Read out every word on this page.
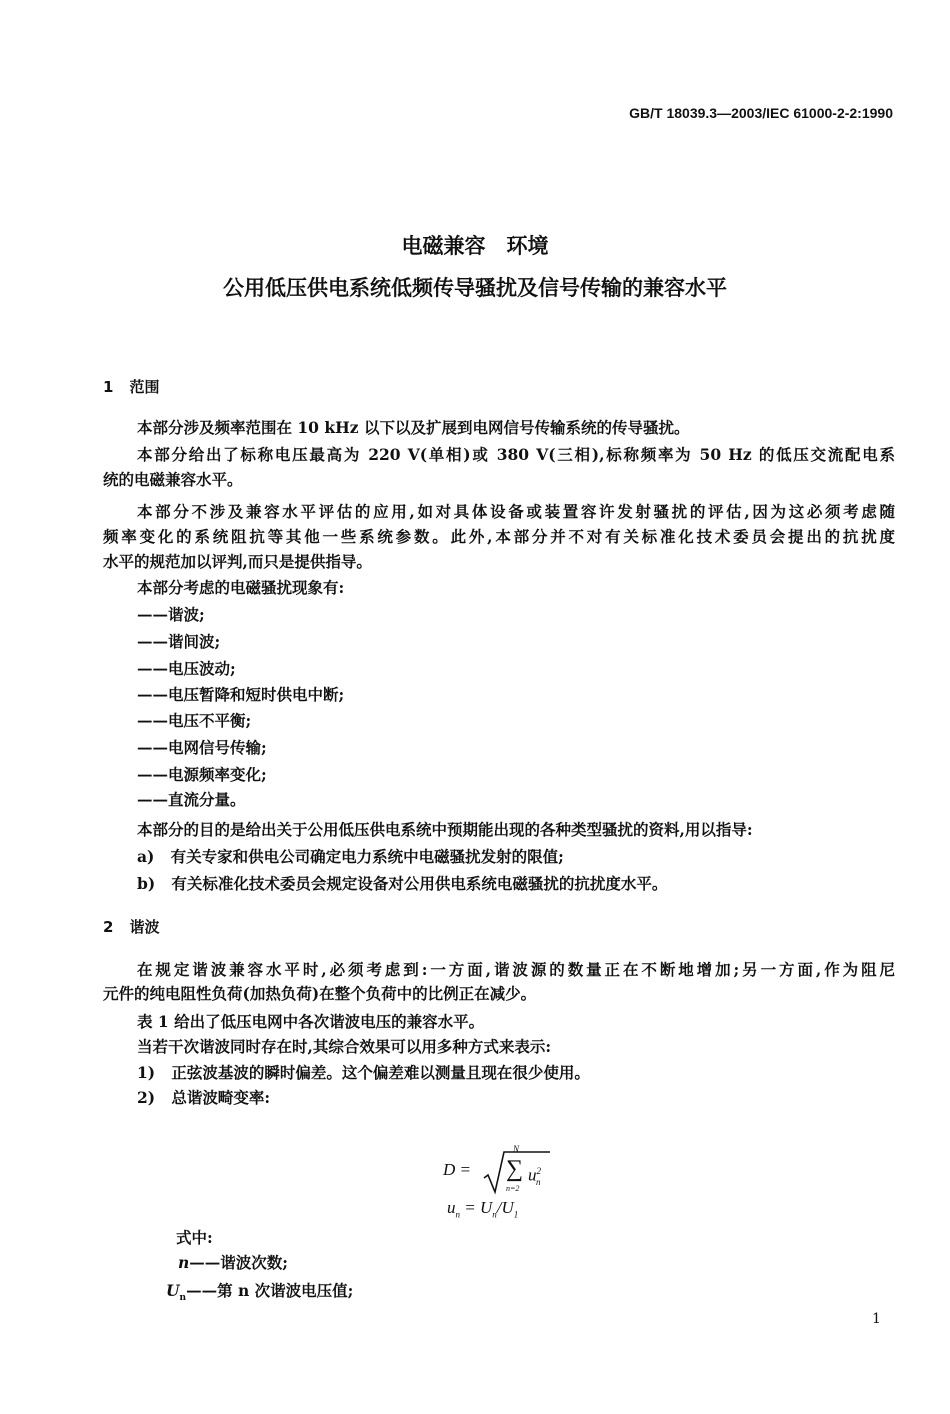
GB/T 18039.3—2003/IEC 61000-2-2:1990
电磁兼容　环境
公用低压供电系统低频传导骚扰及信号传输的兼容水平
1 范围
本部分涉及频率范围在 10 kHz 以下以及扩展到电网信号传输系统的传导骚扰。
本部分给出了标称电压最高为 220 V(单相)或 380 V(三相),标称频率为 50 Hz 的低压交流配电系
统的电磁兼容水平。
本部分不涉及兼容水平评估的应用,如对具体设备或装置容许发射骚扰的评估,因为这必须考虑随
频率变化的系统阻抗等其他一些系统参数。此外,本部分并不对有关标准化技术委员会提出的抗扰度
水平的规范加以评判,而只是提供指导。
本部分考虑的电磁骚扰现象有:
——谐波;
——谐间波;
——电压波动;
——电压暂降和短时供电中断;
——电压不平衡;
——电网信号传输;
——电源频率变化;
——直流分量。
本部分的目的是给出关于公用低压供电系统中预期能出现的各种类型骚扰的资料,用以指导:
a) 有关专家和供电公司确定电力系统中电磁骚扰发射的限值;
b) 有关标准化技术委员会规定设备对公用供电系统电磁骚扰的抗扰度水平。
2 谐波
在规定谐波兼容水平时,必须考虑到:一方面,谐波源的数量正在不断地增加;另一方面,作为阻尼
元件的纯电阻性负荷(加热负荷)在整个负荷中的比例正在减少。
表 1 给出了低压电网中各次谐波电压的兼容水平。
当若干次谐波同时存在时,其综合效果可以用多种方式来表示:
1) 正弦波基波的瞬时偏差。这个偏差难以测量且现在很少使用。
2) 总谐波畸变率:
D =
N
∑
n=2
$u^2_n$
$u_n = U_n/U_1$
式中:
n——谐波次数;
$U_n——$第 n 次谐波电压值;
1
